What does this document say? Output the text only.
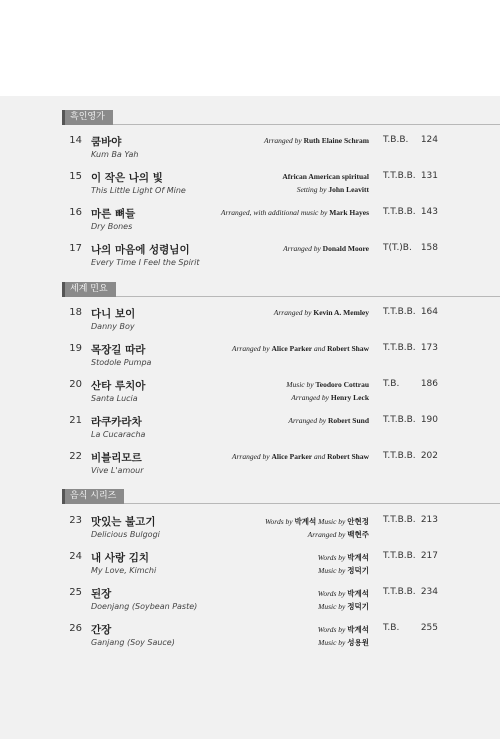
흑인영가
14 쿰바야
Kum Ba Yah
Arranged by Ruth Elaine Schram T.B.B. 124
15 이 작은 나의 빛
This Little Light Of Mine
African American spiritual
Setting by John Leavitt
T.T.B.B. 131
16 마른 뼈들
Dry Bones
Arranged, with additional music by Mark Hayes T.T.B.B. 143
17 나의 마음에 성령님이
Every Time I Feel the Spirit
Arranged by Donald Moore T(T.)B. 158
세계 민요
18 다니 보이
Danny Boy
Arranged by Kevin A. Memley T.T.B.B. 164
19 목장길 따라
Stodole Pumpa
Arranged by Alice Parker and Robert Shaw T.T.B.B. 173
20 산타 루치아
Santa Lucia
Music by Teodoro Cottrau
Arranged by Henry Leck
T.B. 186
21 라쿠카라차
La Cucaracha
Arranged by Robert Sund T.T.B.B. 190
22 비블리모르
Vive L'amour
Arranged by Alice Parker and Robert Shaw T.T.B.B. 202
음식 시리즈
23 맛있는 불고기
Delicious Bulgogi
Words by 박계석 Music by 안현정
Arranged by 백현주
T.T.B.B. 213
24 내 사랑 김치
My Love, Kimchi
Words by 박계석
Music by 정덕기
T.T.B.B. 217
25 된장
Doenjang (Soybean Paste)
Words by 박계석
Music by 정덕기
T.T.B.B. 234
26 간장
Ganjang (Soy Sauce)
Words by 박계석
Music by 성용원
T.B. 255
